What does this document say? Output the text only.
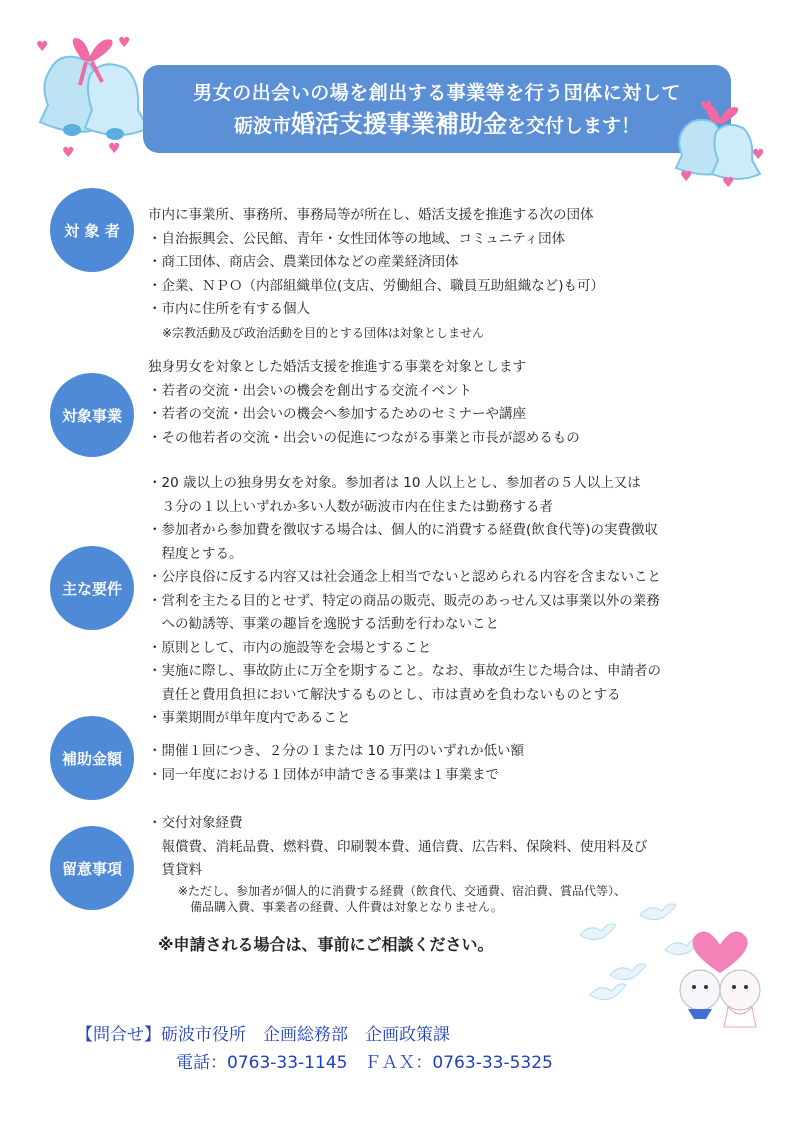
♥	♥
♥ ♥
男女の出会いの場を創出する事業等を行う団体に対して
砺波市婚活支援事業補助金を交付します！
♥
♥
♥ ♥
対 象 者
市内に事業所、事務所、事務局等が所在し、婚活支援を推進する次の団体
・自治振興会、公民館、青年・女性団体等の地域、コミュニティ団体
・商工団体、商店会、農業団体などの産業経済団体
・企業、ＮＰＯ（内部組織単位(支店、労働組合、職員互助組織など)も可）
・市内に住所を有する個人
※宗教活動及び政治活動を目的とする団体は対象としません
対象事業
独身男女を対象とした婚活支援を推進する事業を対象とします
・若者の交流・出会いの機会を創出する交流イベント
・若者の交流・出会いの機会へ参加するためのセミナーや講座
・その他若者の交流・出会いの促進につながる事業と市長が認めるもの
主な要件
・20 歳以上の独身男女を対象。参加者は 10 人以上とし、参加者の５人以上又は
　３分の１以上いずれか多い人数が砺波市内在住または勤務する者
・参加者から参加費を徴収する場合は、個人的に消費する経費(飲食代等)の実費徴収
　程度とする。
・公序良俗に反する内容又は社会通念上相当でないと認められる内容を含まないこと
・営利を主たる目的とせず、特定の商品の販売、販売のあっせん又は事業以外の業務
　への勧誘等、事業の趣旨を逸脱する活動を行わないこと
・原則として、市内の施設等を会場とすること
・実施に際し、事故防止に万全を期すること。なお、事故が生じた場合は、申請者の
　責任と費用負担において解決するものとし、市は責めを負わないものとする
・事業期間が単年度内であること
補助金額	・開催１回につき、２分の１または 10 万円のいずれか低い額
・同一年度における１団体が申請できる事業は１事業まで
留意事項
・交付対象経費
　報償費、消耗品費、燃料費、印刷製本費、通信費、広告料、保険料、使用料及び
　賃貸料
※ただし、参加者が個人的に消費する経費（飲食代、交通費、宿泊費、賞品代等）、
　備品購入費、事業者の経費、人件費は対象となりません。
※申請される場合は、事前にご相談ください。
【問合せ】砺波市役所　企画総務部　企画政策課
電話：0763-33-1145　ＦＡＸ：0763-33-5325
